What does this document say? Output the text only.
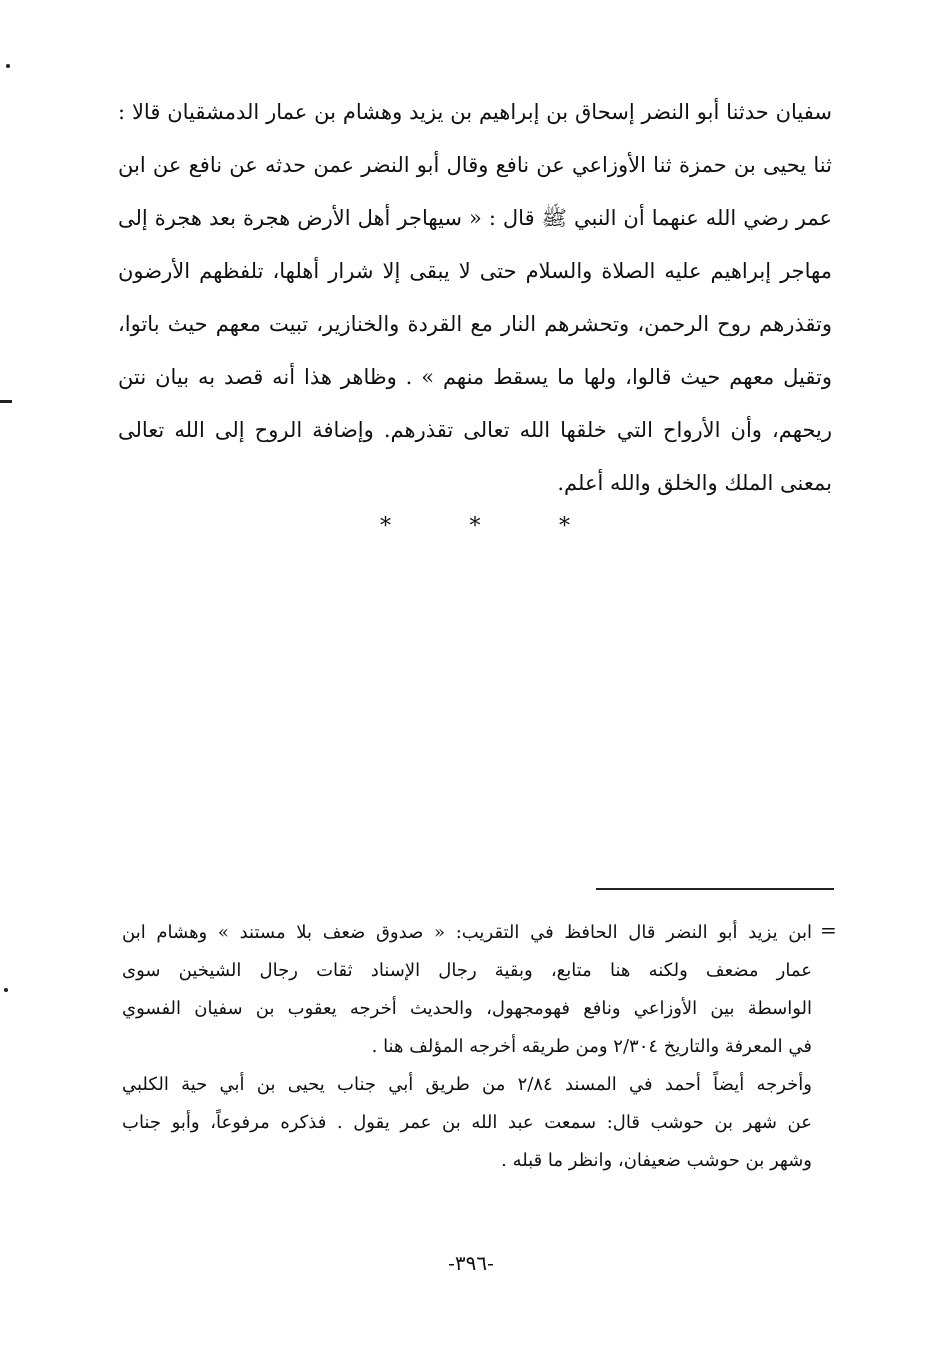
سفيان حدثنا أبو النضر إسحاق بن إبراهيم بن يزيد وهشام بن عمار الدمشقيان قالا :
ثنا يحيى بن حمزة ثنا الأوزاعي عن نافع وقال أبو النضر عمن حدثه عن نافع عن ابن
عمر رضي الله عنهما أن النبي ﷺ قال : « سيهاجر أهل الأرض هجرة بعد هجرة إلى
مهاجر إبراهيم عليه الصلاة والسلام حتى لا يبقى إلا شرار أهلها، تلفظهم الأرضون
وتقذرهم روح الرحمن، وتحشرهم النار مع القردة والخنازير، تبيت معهم حيث باتوا،
وتقيل معهم حيث قالوا، ولها ما يسقط منهم » . وظاهر هذا أنه قصد به بيان نتن
ريحهم، وأن الأرواح التي خلقها الله تعالى تقذرهم. وإضافة الروح إلى الله تعالى
بمعنى الملك والخلق والله أعلم.
*	*	*
=
ابن يزيد أبو النضر قال الحافظ في التقريب: « صدوق ضعف بلا مستند » وهشام ابن
عمار مضعف ولكنه هنا متابع، وبقية رجال الإسناد ثقات رجال الشيخين سوى
الواسطة بين الأوزاعي ونافع فهومجهول، والحديث أخرجه يعقوب بن سفيان الفسوي
في المعرفة والتاريخ ٢/٣٠٤ ومن طريقه أخرجه المؤلف هنا .
وأخرجه أيضاً أحمد في المسند ٢/٨٤ من طريق أبي جناب يحيى بن أبي حية الكلبي
عن شهر بن حوشب قال: سمعت عبد الله بن عمر يقول . فذكره مرفوعاً، وأبو جناب
وشهر بن حوشب ضعيفان، وانظر ما قبله .
-٣٩٦-
